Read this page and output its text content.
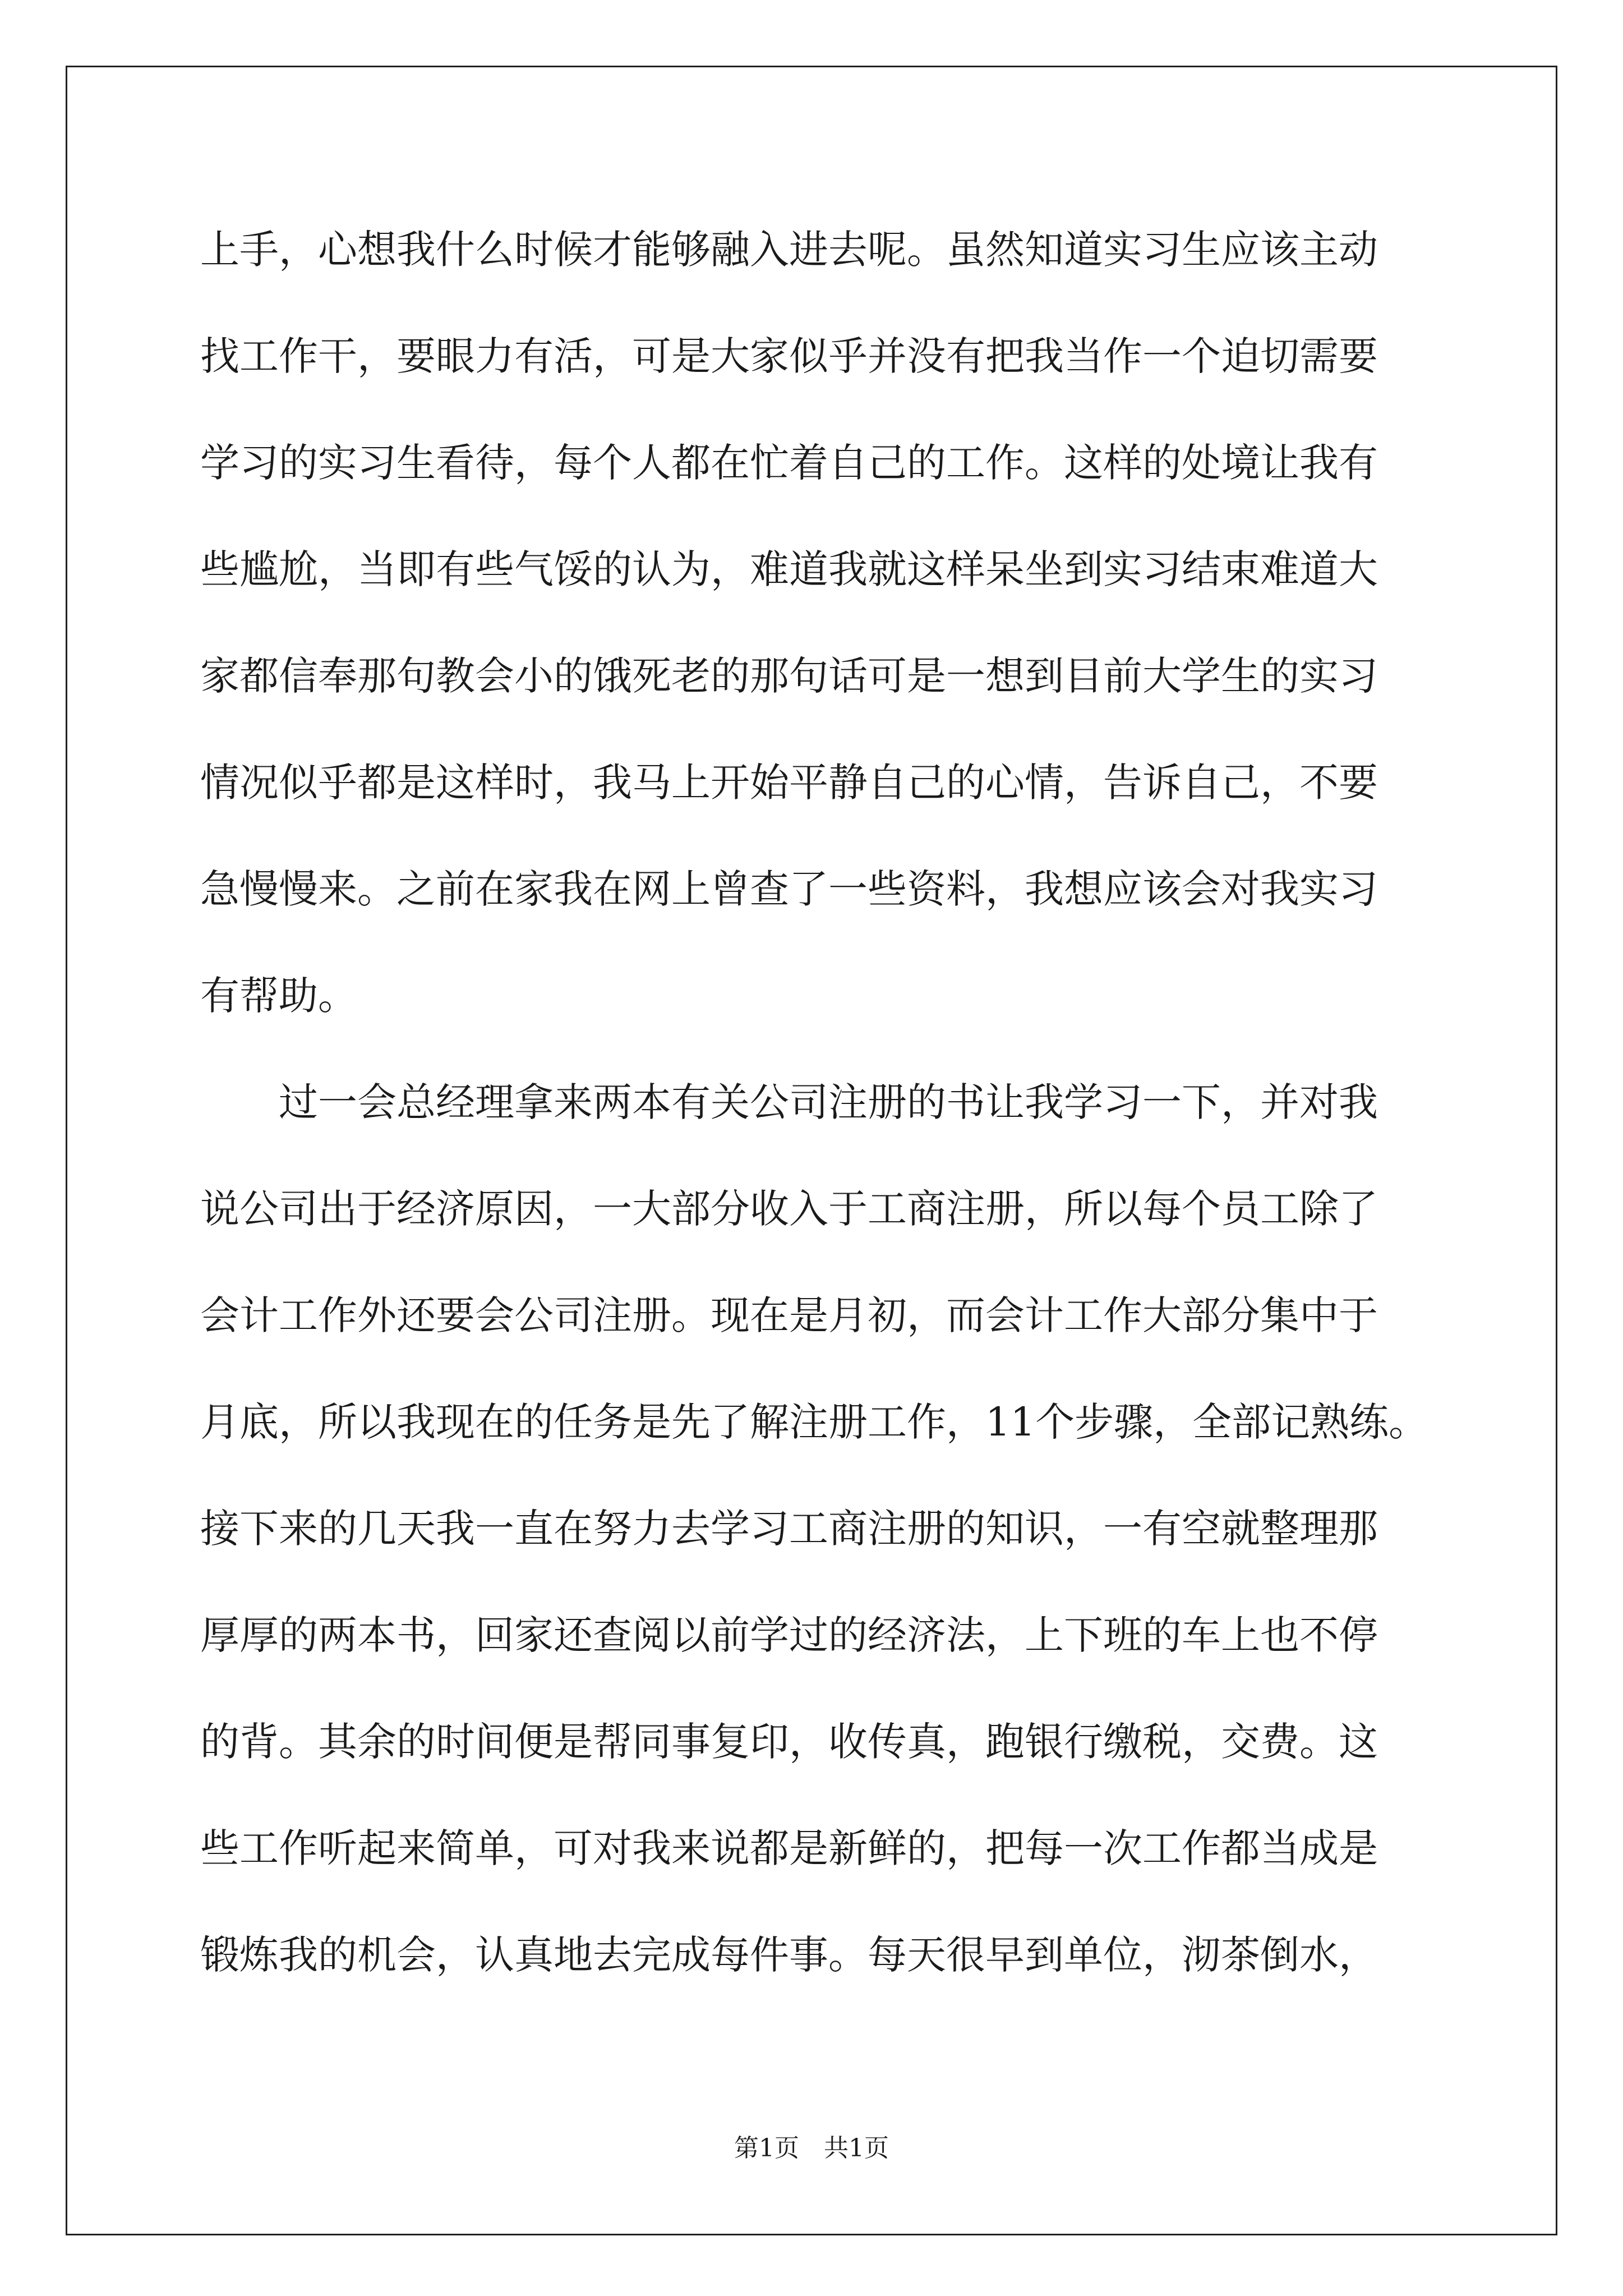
上手，心想我什么时候才能够融入进去呢。虽然知道实习生应该主动
找工作干，要眼力有活，可是大家似乎并没有把我当作一个迫切需要
学习的实习生看待，每个人都在忙着自己的工作。这样的处境让我有
些尴尬，当即有些气馁的认为，难道我就这样呆坐到实习结束难道大
家都信奉那句教会小的饿死老的那句话可是一想到目前大学生的实习
情况似乎都是这样时，我马上开始平静自己的心情，告诉自己，不要
急慢慢来。之前在家我在网上曾查了一些资料，我想应该会对我实习
有帮助。
　　过一会总经理拿来两本有关公司注册的书让我学习一下，并对我
说公司出于经济原因，一大部分收入于工商注册，所以每个员工除了
会计工作外还要会公司注册。现在是月初，而会计工作大部分集中于
月底，所以我现在的任务是先了解注册工作，11个步骤，全部记熟练。
接下来的几天我一直在努力去学习工商注册的知识，一有空就整理那
厚厚的两本书，回家还查阅以前学过的经济法，上下班的车上也不停
的背。其余的时间便是帮同事复印，收传真，跑银行缴税，交费。这
些工作听起来简单，可对我来说都是新鲜的，把每一次工作都当成是
锻炼我的机会，认真地去完成每件事。每天很早到单位，沏茶倒水，
第1页　共1页
